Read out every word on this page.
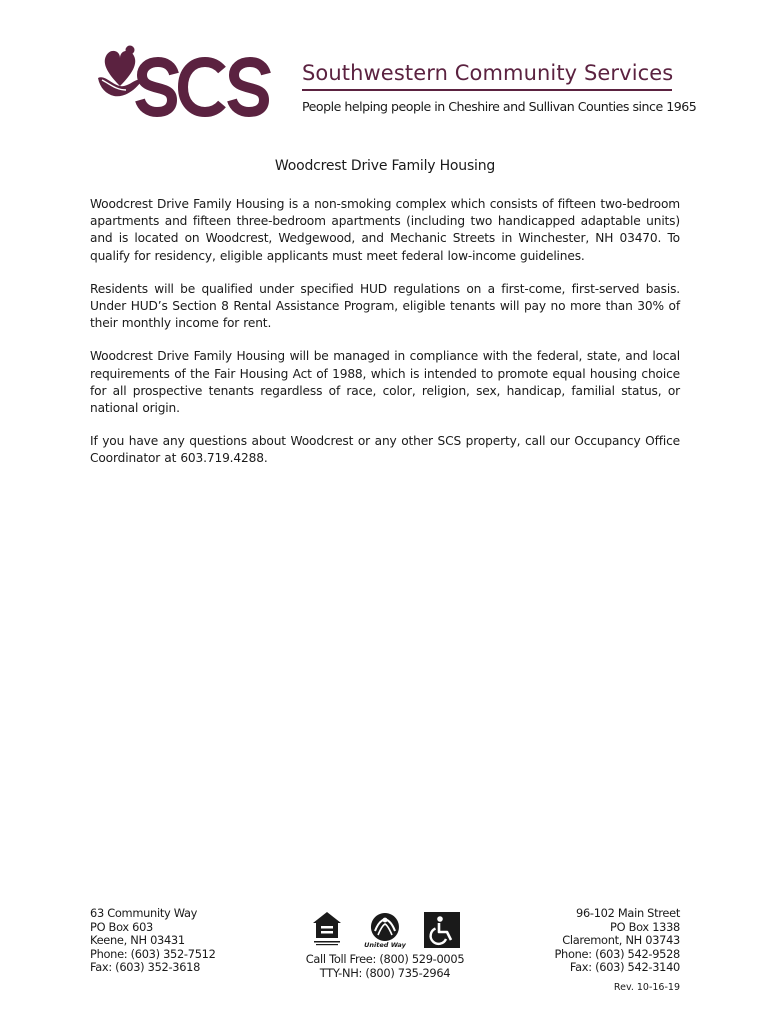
Southwestern Community Services
People helping people in Cheshire and Sullivan Counties since 1965
Woodcrest Drive Family Housing

Woodcrest Drive Family Housing is a non-smoking complex which consists of fifteen two-bedroom apartments and fifteen three-bedroom apartments (including two handicapped adaptable units) and is located on Woodcrest, Wedgewood, and Mechanic Streets in Winchester, NH 03470. To qualify for residency, eligible applicants must meet federal low-income guidelines.

Residents will be qualified under specified HUD regulations on a first-come, first-served basis. Under HUD’s Section 8 Rental Assistance Program, eligible tenants will pay no more than 30% of their monthly income for rent.

Woodcrest Drive Family Housing will be managed in compliance with the federal, state, and local requirements of the Fair Housing Act of 1988, which is intended to promote equal housing choice for all prospective tenants regardless of race, color, religion, sex, handicap, familial status, or national origin.

If you have any questions about Woodcrest or any other SCS property, call our Occupancy Office Coordinator at 603.719.4288.

63 Community Way
PO Box 603
Keene, NH 03431
Phone: (603) 352-7512
Fax: (603) 352-3618
United Way
Call Toll Free: (800) 529-0005
TTY-NH: (800) 735-2964
96-102 Main Street
PO Box 1338
Claremont, NH 03743
Phone: (603) 542-9528
Fax: (603) 542-3140
Rev. 10-16-19
